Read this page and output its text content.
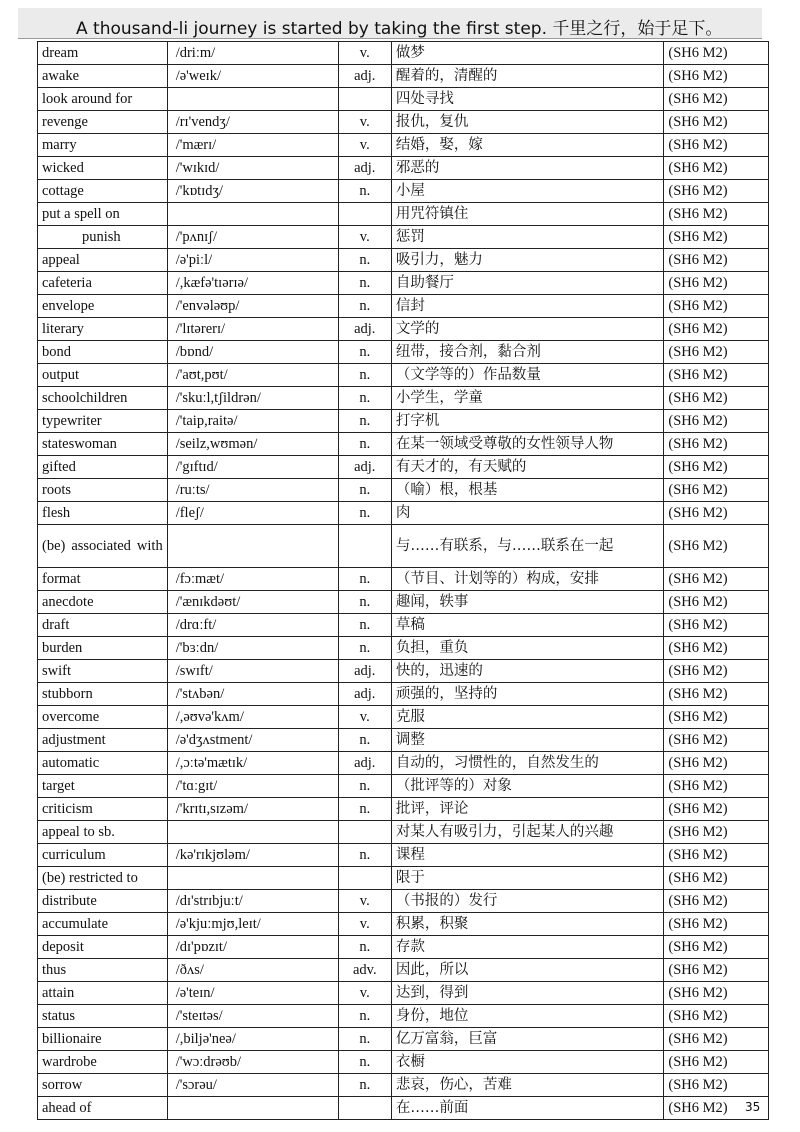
A thousand-li journey is started by taking the first step. 千里之行，始于足下。
dream	/driːm/	v.	做梦	(SH6 M2)
awake	/ə'weɪk/	adj.	醒着的，清醒的	(SH6 M2)
look around for			四处寻找	(SH6 M2)
revenge	/rɪ'vendʒ/	v.	报仇，复仇	(SH6 M2)
marry	/'mærɪ/	v.	结婚，娶，嫁	(SH6 M2)
wicked	/'wɪkɪd/	adj.	邪恶的	(SH6 M2)
cottage	/'kɒtɪdʒ/	n.	小屋	(SH6 M2)
put a spell on			用咒符镇住	(SH6 M2)
punish	/'pʌnɪʃ/	v.	惩罚	(SH6 M2)
appeal	/ə'piːl/	n.	吸引力，魅力	(SH6 M2)
cafeteria	/,kæfə'tɪərɪə/	n.	自助餐厅	(SH6 M2)
envelope	/'envələʊp/	n.	信封	(SH6 M2)
literary	/'lɪtərerɪ/	adj.	文学的	(SH6 M2)
bond	/bɒnd/	n.	纽带，接合剂，黏合剂	(SH6 M2)
output	/'aʊt,pʊt/	n.	（文学等的）作品数量	(SH6 M2)
schoolchildren	/'skuːl,tʃildrən/	n.	小学生，学童	(SH6 M2)
typewriter	/'taip,raitə/	n.	打字机	(SH6 M2)
stateswoman	/seilz,wʊmən/	n.	在某一领域受尊敬的女性领导人物	(SH6 M2)
gifted	/'gɪftɪd/	adj.	有天才的，有天赋的	(SH6 M2)
roots	/ruːts/	n.	（喻）根，根基	(SH6 M2)
flesh	/fleʃ/	n.	肉	(SH6 M2)
(be) associated with			与……有联系，与……联系在一起	(SH6 M2)
format	/fɔːmæt/	n.	（节目、计划等的）构成，安排	(SH6 M2)
anecdote	/'ænɪkdəʊt/	n.	趣闻，轶事	(SH6 M2)
draft	/drɑːft/	n.	草稿	(SH6 M2)
burden	/'bɜːdn/	n.	负担，重负	(SH6 M2)
swift	/swɪft/	adj.	快的，迅速的	(SH6 M2)
stubborn	/'stʌbən/	adj.	顽强的，坚持的	(SH6 M2)
overcome	/,əʊvə'kʌm/	v.	克服	(SH6 M2)
adjustment	/ə'dʒʌstment/	n.	调整	(SH6 M2)
automatic	/,ɔːtə'mætɪk/	adj.	自动的，习惯性的，自然发生的	(SH6 M2)
target	/'tɑːgɪt/	n.	（批评等的）对象	(SH6 M2)
criticism	/'krɪtɪ,sɪzəm/	n.	批评，评论	(SH6 M2)
appeal to sb.			对某人有吸引力，引起某人的兴趣	(SH6 M2)
curriculum	/kə'rɪkjʊləm/	n.	课程	(SH6 M2)
(be) restricted to			限于	(SH6 M2)
distribute	/dɪ'strɪbjuːt/	v.	（书报的）发行	(SH6 M2)
accumulate	/ə'kjuːmjʊ,leɪt/	v.	积累，积聚	(SH6 M2)
deposit	/dɪ'pɒzɪt/	n.	存款	(SH6 M2)
thus	/ðʌs/	adv.	因此，所以	(SH6 M2)
attain	/ə'teɪn/	v.	达到，得到	(SH6 M2)
status	/'steɪtəs/	n.	身份，地位	(SH6 M2)
billionaire	/,biljə'neə/	n.	亿万富翁，巨富	(SH6 M2)
wardrobe	/'wɔːdrəʊb/	n.	衣橱	(SH6 M2)
sorrow	/'sɔrəu/	n.	悲哀，伤心，苦难	(SH6 M2)
ahead of			在……前面	(SH6 M2) 35
